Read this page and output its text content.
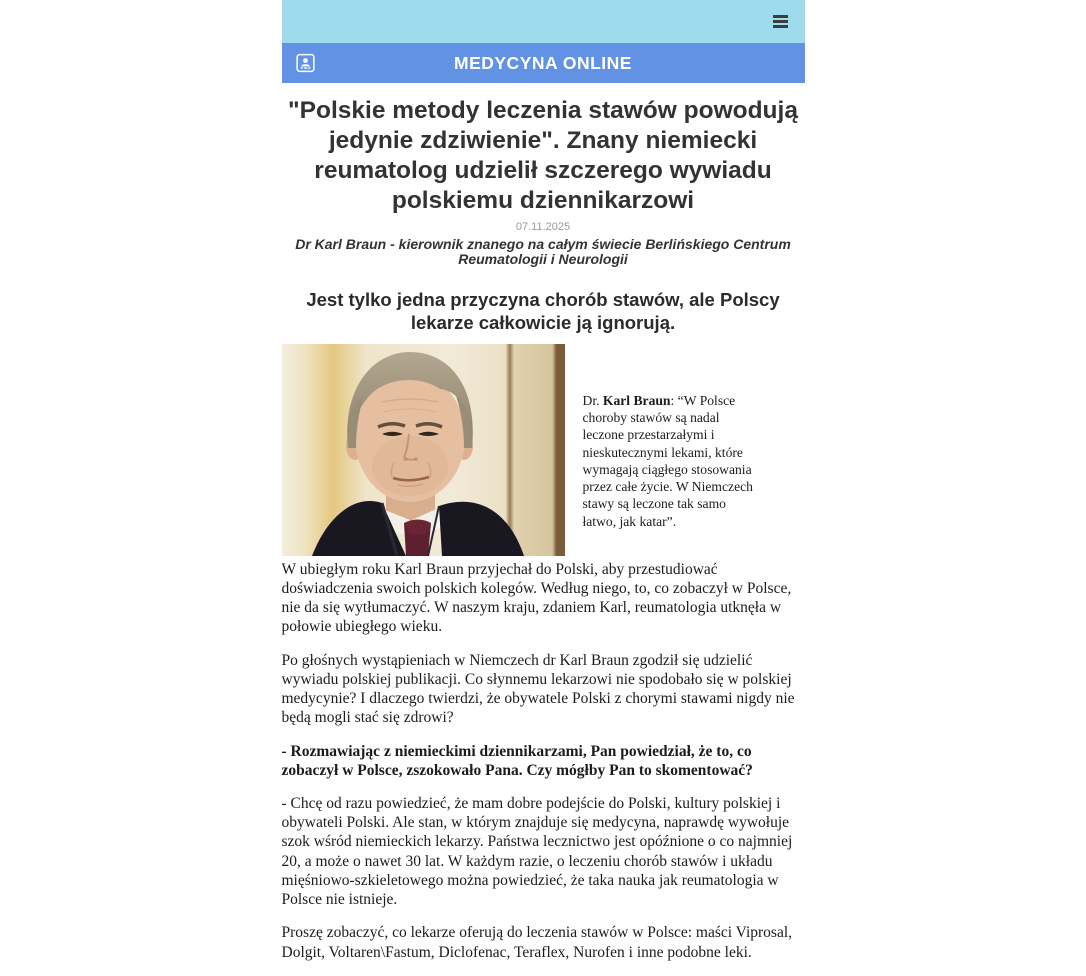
MEDYCYNA ONLINE
"Polskie metody leczenia stawów powodują jedynie zdziwienie". Znany niemiecki reumatolog udzielił szczerego wywiadu polskiemu dziennikarzowi
07.11.2025
Dr Karl Braun - kierownik znanego na całym świecie Berlińskiego Centrum Reumatologii i Neurologii
Jest tylko jedna przyczyna chorób stawów, ale Polscy lekarze całkowicie ją ignorują.
Dr. Karl Braun: “W Polsce choroby stawów są nadal leczone przestarzałymi i nieskutecznymi lekami, które wymagają ciągłego stosowania przez całe życie. W Niemczech stawy są leczone tak samo łatwo, jak katar”.

W ubiegłym roku Karl Braun przyjechał do Polski, aby przestudiować doświadczenia swoich polskich kolegów. Według niego, to, co zobaczył w Polsce, nie da się wytłumaczyć. W naszym kraju, zdaniem Karl, reumatologia utknęła w połowie ubiegłego wieku.

Po głośnych wystąpieniach w Niemczech dr Karl Braun zgodził się udzielić wywiadu polskiej publikacji. Co słynnemu lekarzowi nie spodobało się w polskiej medycynie? I dlaczego twierdzi, że obywatele Polski z chorymi stawami nigdy nie będą mogli stać się zdrowi?

- Rozmawiając z niemieckimi dziennikarzami, Pan powiedział, że to, co zobaczył w Polsce, zszokowało Pana. Czy mógłby Pan to skomentować?

- Chcę od razu powiedzieć, że mam dobre podejście do Polski, kultury polskiej i obywateli Polski. Ale stan, w którym znajduje się medycyna, naprawdę wywołuje szok wśród niemieckich lekarzy. Państwa lecznictwo jest opóźnione o co najmniej 20, a może o nawet 30 lat. W każdym razie, o leczeniu chorób stawów i układu mięśniowo-szkieletowego można powiedzieć, że taka nauka jak reumatologia w Polsce nie istnieje.

Proszę zobaczyć, co lekarze oferują do leczenia stawów w Polsce: maści Viprosal, Dolgit, Voltaren\Fastum, Diclofenac, Teraflex, Nurofen i inne podobne leki.
